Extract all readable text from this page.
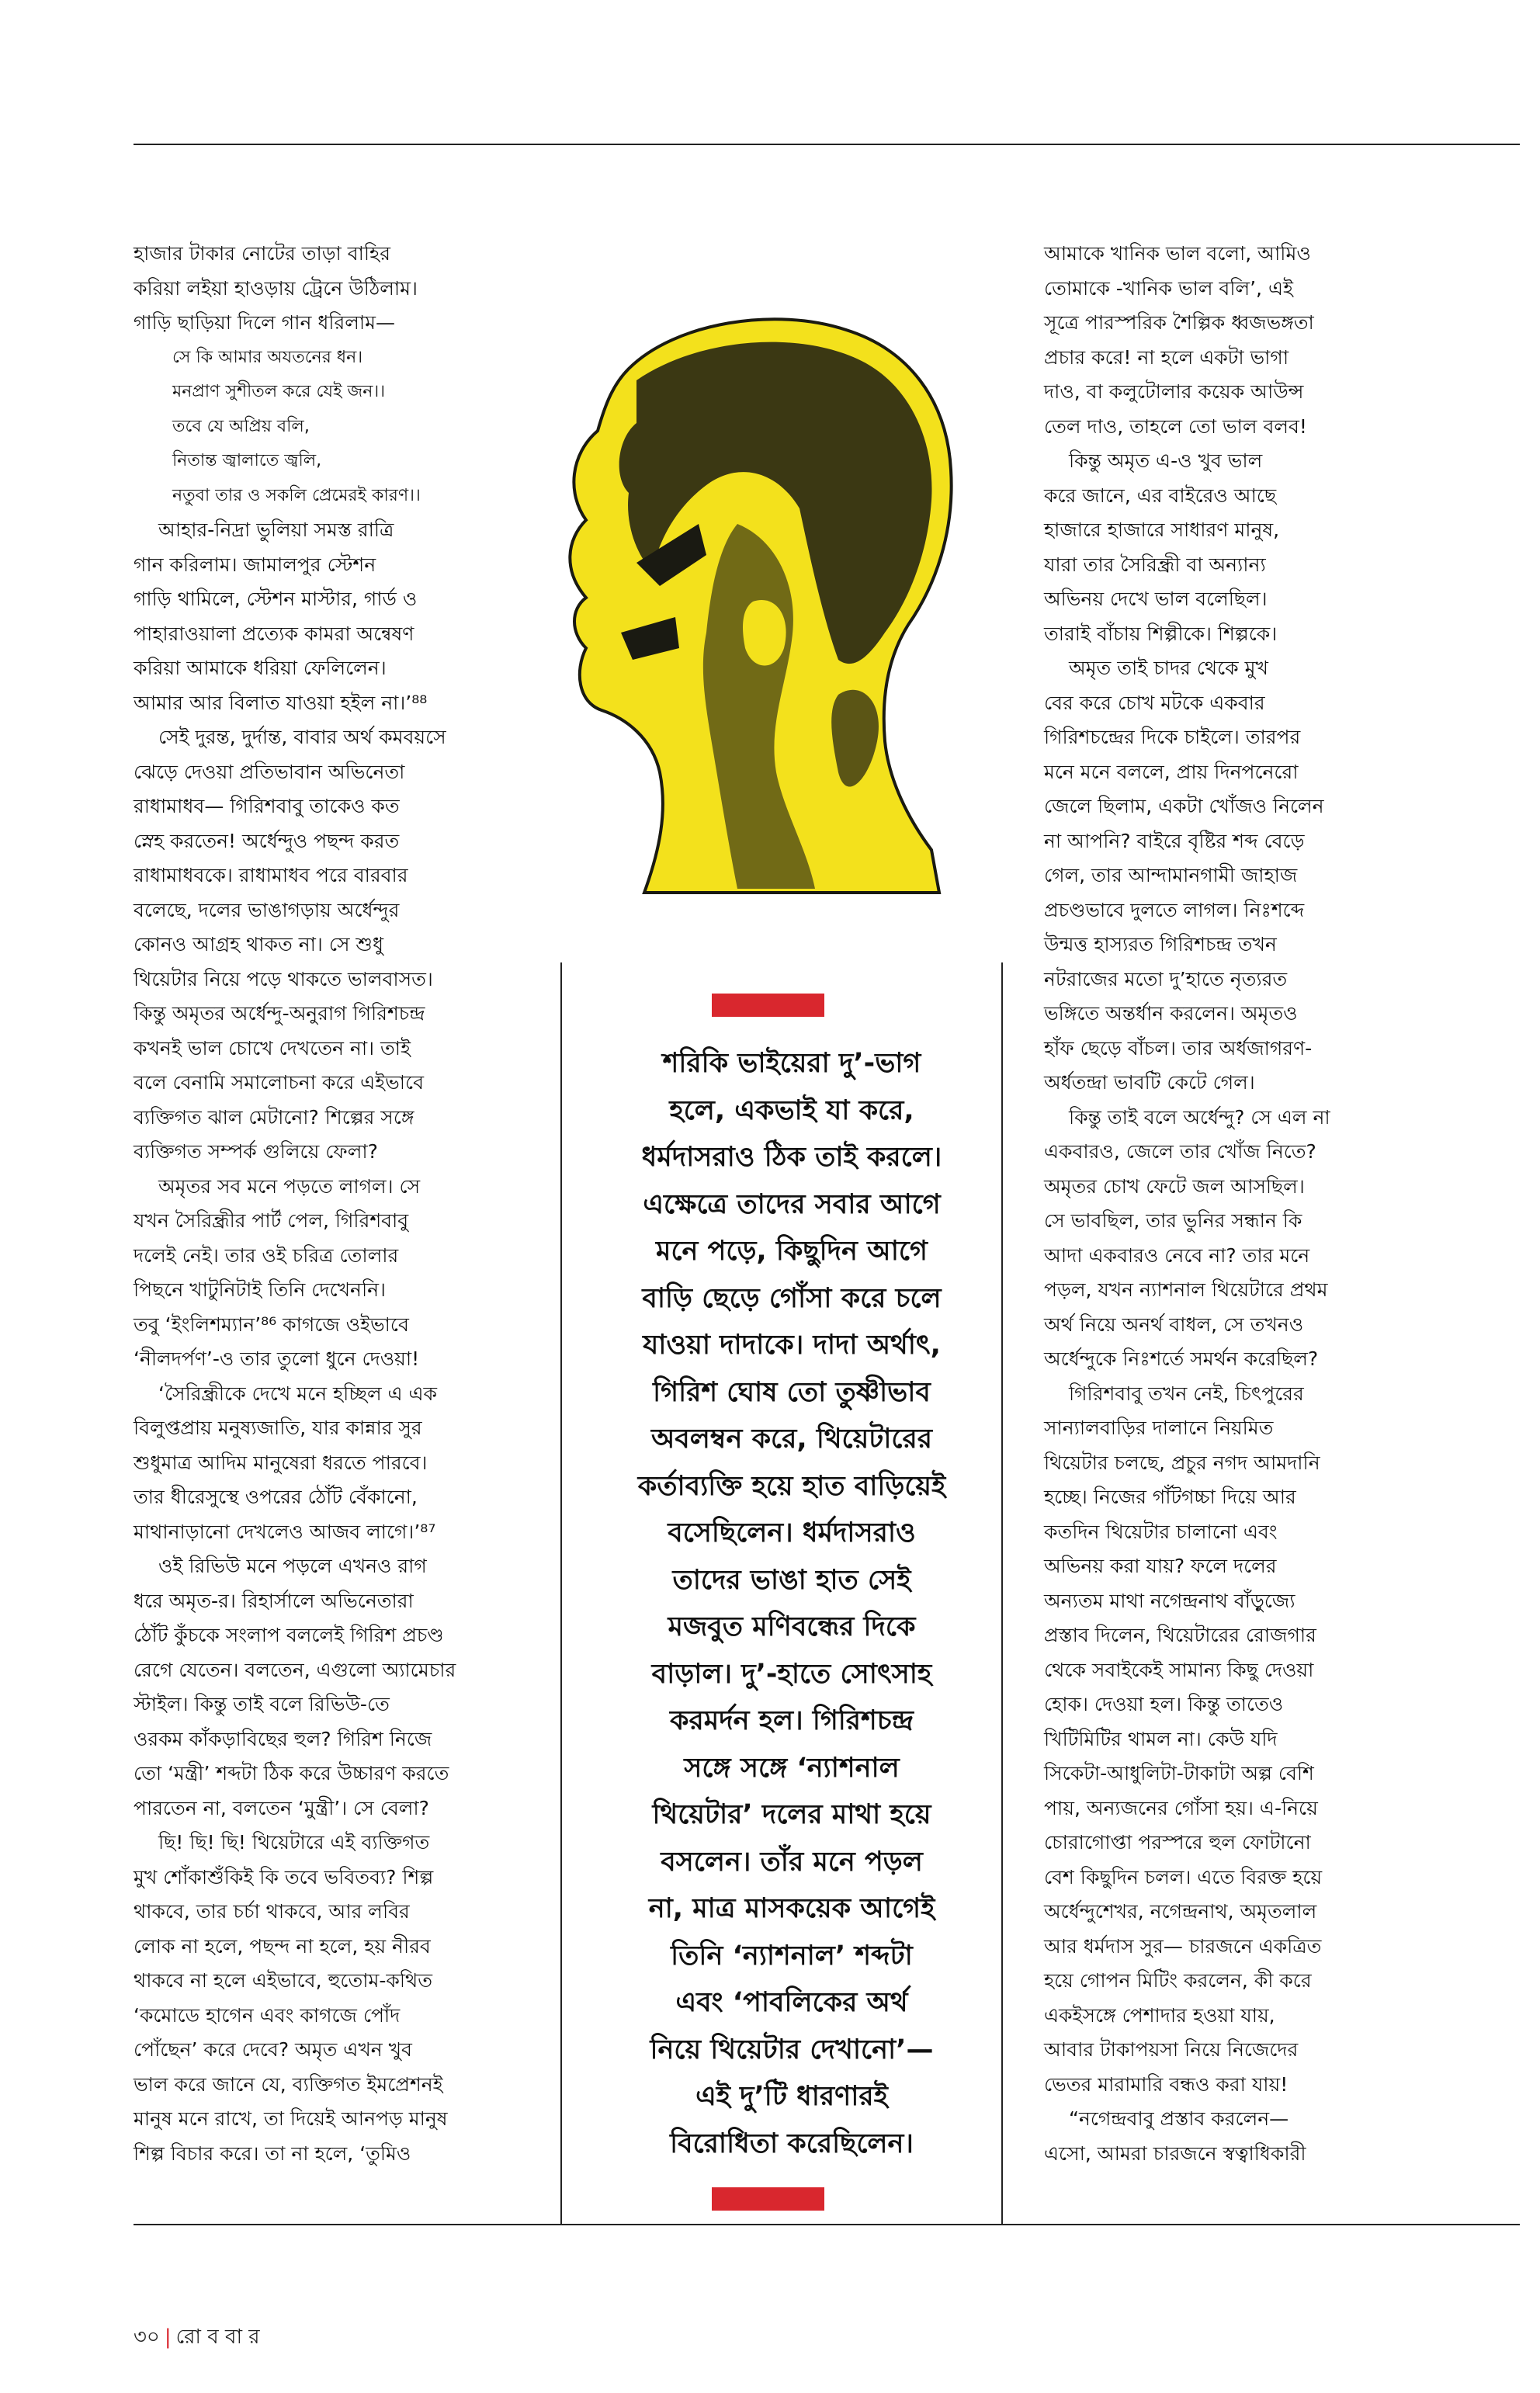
হাজার টাকার নোটের তাড়া বাহির

করিয়া লইয়া হাওড়ায় ট্রেনে উঠিলাম।

গাড়ি ছাড়িয়া দিলে গান ধরিলাম—

সে কি আমার অযতনের ধন।

মনপ্রাণ সুশীতল করে যেই জন।।

তবে যে অপ্রিয় বলি,

নিতান্ত জ্বালাতে জ্বলি,

নতুবা তার ও সকলি প্রেমেরই কারণ।।

আহার-নিদ্রা ভুলিয়া সমস্ত রাত্রি

গান করিলাম। জামালপুর স্টেশন

গাড়ি থামিলে, স্টেশন মাস্টার, গার্ড ও

পাহারাওয়ালা প্রত্যেক কামরা অন্বেষণ

করিয়া আমাকে ধরিয়া ফেলিলেন।

আমার আর বিলাত যাওয়া হইল না।’⁸⁸

সেই দুরন্ত, দুর্দান্ত, বাবার অর্থ কমবয়সে

ঝেড়ে দেওয়া প্রতিভাবান অভিনেতা

রাধামাধব— গিরিশবাবু তাকেও কত

স্নেহ করতেন! অর্ধেন্দুও পছন্দ করত

রাধামাধবকে। রাধামাধব পরে বারবার

বলেছে, দলের ভাঙাগড়ায় অর্ধেন্দুর

কোনও আগ্রহ থাকত না। সে শুধু

থিয়েটার নিয়ে পড়ে থাকতে ভালবাসত।

কিন্তু অমৃতর অর্ধেন্দু-অনুরাগ গিরিশচন্দ্র

কখনই ভাল চোখে দেখতেন না। তাই

বলে বেনামি সমালোচনা করে এইভাবে

ব্যক্তিগত ঝাল মেটানো? শিল্পের সঙ্গে

ব্যক্তিগত সম্পর্ক গুলিয়ে ফেলা?

অমৃতর সব মনে পড়তে লাগল। সে

যখন সৈরিন্ধ্রীর পার্ট পেল, গিরিশবাবু

দলেই নেই। তার ওই চরিত্র তোলার

পিছনে খাটুনিটাই তিনি দেখেননি।

তবু ‘ইংলিশম্যান’⁸⁶ কাগজে ওইভাবে

‘নীলদর্পণ’-ও তার তুলো ধুনে দেওয়া!

‘সৈরিন্ধ্রীকে দেখে মনে হচ্ছিল এ এক

বিলুপ্তপ্রায় মনুষ্যজাতি, যার কান্নার সুর

শুধুমাত্র আদিম মানুষেরা ধরতে পারবে।

তার ধীরেসুস্থে ওপরের ঠোঁট বেঁকানো,

মাথানাড়ানো দেখলেও আজব লাগে।’⁸⁷

ওই রিভিউ মনে পড়লে এখনও রাগ

ধরে অমৃত-র। রিহার্সালে অভিনেতারা

ঠোঁট কুঁচকে সংলাপ বললেই গিরিশ প্রচণ্ড

রেগে যেতেন। বলতেন, এগুলো অ্যামেচার

স্টাইল। কিন্তু তাই বলে রিভিউ-তে

ওরকম কাঁকড়াবিছের হুল? গিরিশ নিজে

তো ‘মন্ত্রী’ শব্দটা ঠিক করে উচ্চারণ করতে

পারতেন না, বলতেন ‘মুন্ত্রী’। সে বেলা?

ছি! ছি! ছি! থিয়েটারে এই ব্যক্তিগত

মুখ শোঁকাশুঁকিই কি তবে ভবিতব্য? শিল্প

থাকবে, তার চর্চা থাকবে, আর লবির

লোক না হলে, পছন্দ না হলে, হয় নীরব

থাকবে না হলে এইভাবে, হুতোম-কথিত

‘কমোডে হাগেন এবং কাগজে পোঁদ

পোঁছেন’ করে দেবে? অমৃত এখন খুব

ভাল করে জানে যে, ব্যক্তিগত ইমপ্রেশনই

মানুষ মনে রাখে, তা দিয়েই আনপড় মানুষ

শিল্প বিচার করে। তা না হলে, ‘তুমিও

শরিকি ভাইয়েরা দু’-ভাগ

হলে, একভাই যা করে,

ধর্মদাসরাও ঠিক তাই করলে।

এক্ষেত্রে তাদের সবার আগে

মনে পড়ে, কিছুদিন আগে

বাড়ি ছেড়ে গোঁসা করে চলে

যাওয়া দাদাকে। দাদা অর্থাৎ,

গিরিশ ঘোষ তো তুষ্ণীভাব

অবলম্বন করে, থিয়েটারের

কর্তাব্যক্তি হয়ে হাত বাড়িয়েই

বসেছিলেন। ধর্মদাসরাও

তাদের ভাঙা হাত সেই

মজবুত মণিবন্ধের দিকে

বাড়াল। দু’-হাতে সোৎসাহ

করমর্দন হল। গিরিশচন্দ্র

সঙ্গে সঙ্গে ‘ন্যাশনাল

থিয়েটার’ দলের মাথা হয়ে

বসলেন। তাঁর মনে পড়ল

না, মাত্র মাসকয়েক আগেই

তিনি ‘ন্যাশনাল’ শব্দটা

এবং ‘পাবলিকের অর্থ

নিয়ে থিয়েটার দেখানো’—

এই দু’টি ধারণারই

বিরোধিতা করেছিলেন।

আমাকে খানিক ভাল বলো, আমিও

তোমাকে -খানিক ভাল বলি’, এই

সূত্রে পারস্পরিক শৈল্পিক ধ্বজভঙ্গতা

প্রচার করে! না হলে একটা ভাগা

দাও, বা কলুটোলার কয়েক আউন্স

তেল দাও, তাহলে তো ভাল বলব!

কিন্তু অমৃত এ-ও খুব ভাল

করে জানে, এর বাইরেও আছে

হাজারে হাজারে সাধারণ মানুষ,

যারা তার সৈরিন্ধ্রী বা অন্যান্য

অভিনয় দেখে ভাল বলেছিল।

তারাই বাঁচায় শিল্পীকে। শিল্পকে।

অমৃত তাই চাদর থেকে মুখ

বের করে চোখ মটকে একবার

গিরিশচন্দ্রের দিকে চাইলে। তারপর

মনে মনে বললে, প্রায় দিনপনেরো

জেলে ছিলাম, একটা খোঁজও নিলেন

না আপনি? বাইরে বৃষ্টির শব্দ বেড়ে

গেল, তার আন্দামানগামী জাহাজ

প্রচণ্ডভাবে দুলতে লাগল। নিঃশব্দে

উন্মত্ত হাস্যরত গিরিশচন্দ্র তখন

নটরাজের মতো দু’হাতে নৃত্যরত

ভঙ্গিতে অন্তর্ধান করলেন। অমৃতও

হাঁফ ছেড়ে বাঁচল। তার অর্ধজাগরণ-

অর্ধতন্দ্রা ভাবটি কেটে গেল।

কিন্তু তাই বলে অর্ধেন্দু? সে এল না

একবারও, জেলে তার খোঁজ নিতে?

অমৃতর চোখ ফেটে জল আসছিল।

সে ভাবছিল, তার ভুনির সন্ধান কি

আদা একবারও নেবে না? তার মনে

পড়ল, যখন ন্যাশনাল থিয়েটারে প্রথম

অর্থ নিয়ে অনর্থ বাধল, সে তখনও

অর্ধেন্দুকে নিঃশর্তে সমর্থন করেছিল?

গিরিশবাবু তখন নেই, চিৎপুরের

সান্যালবাড়ির দালানে নিয়মিত

থিয়েটার চলছে, প্রচুর নগদ আমদানি

হচ্ছে। নিজের গাঁটগচ্চা দিয়ে আর

কতদিন থিয়েটার চালানো এবং

অভিনয় করা যায়? ফলে দলের

অন্যতম মাথা নগেন্দ্রনাথ বাঁড়ুজ্যে

প্রস্তাব দিলেন, থিয়েটারের রোজগার

থেকে সবাইকেই সামান্য কিছু দেওয়া

হোক। দেওয়া হল। কিন্তু তাতেও

খিটিমিটির থামল না। কেউ যদি

সিকেটা-আধুলিটা-টাকাটা অল্প বেশি

পায়, অন্যজনের গোঁসা হয়। এ-নিয়ে

চোরাগোপ্তা পরস্পরে হুল ফোটানো

বেশ কিছুদিন চলল। এতে বিরক্ত হয়ে

অর্ধেন্দুশেখর, নগেন্দ্রনাথ, অমৃতলাল

আর ধর্মদাস সুর— চারজনে একত্রিত

হয়ে গোপন মিটিং করলেন, কী করে

একইসঙ্গে পেশাদার হওয়া যায়,

আবার টাকাপয়সা নিয়ে নিজেদের

ভেতর মারামারি বন্ধও করা যায়!

“নগেন্দ্রবাবু প্রস্তাব করলেন—

এসো, আমরা চারজনে স্বত্বাধিকারী

৩০ | রো ব বা র
